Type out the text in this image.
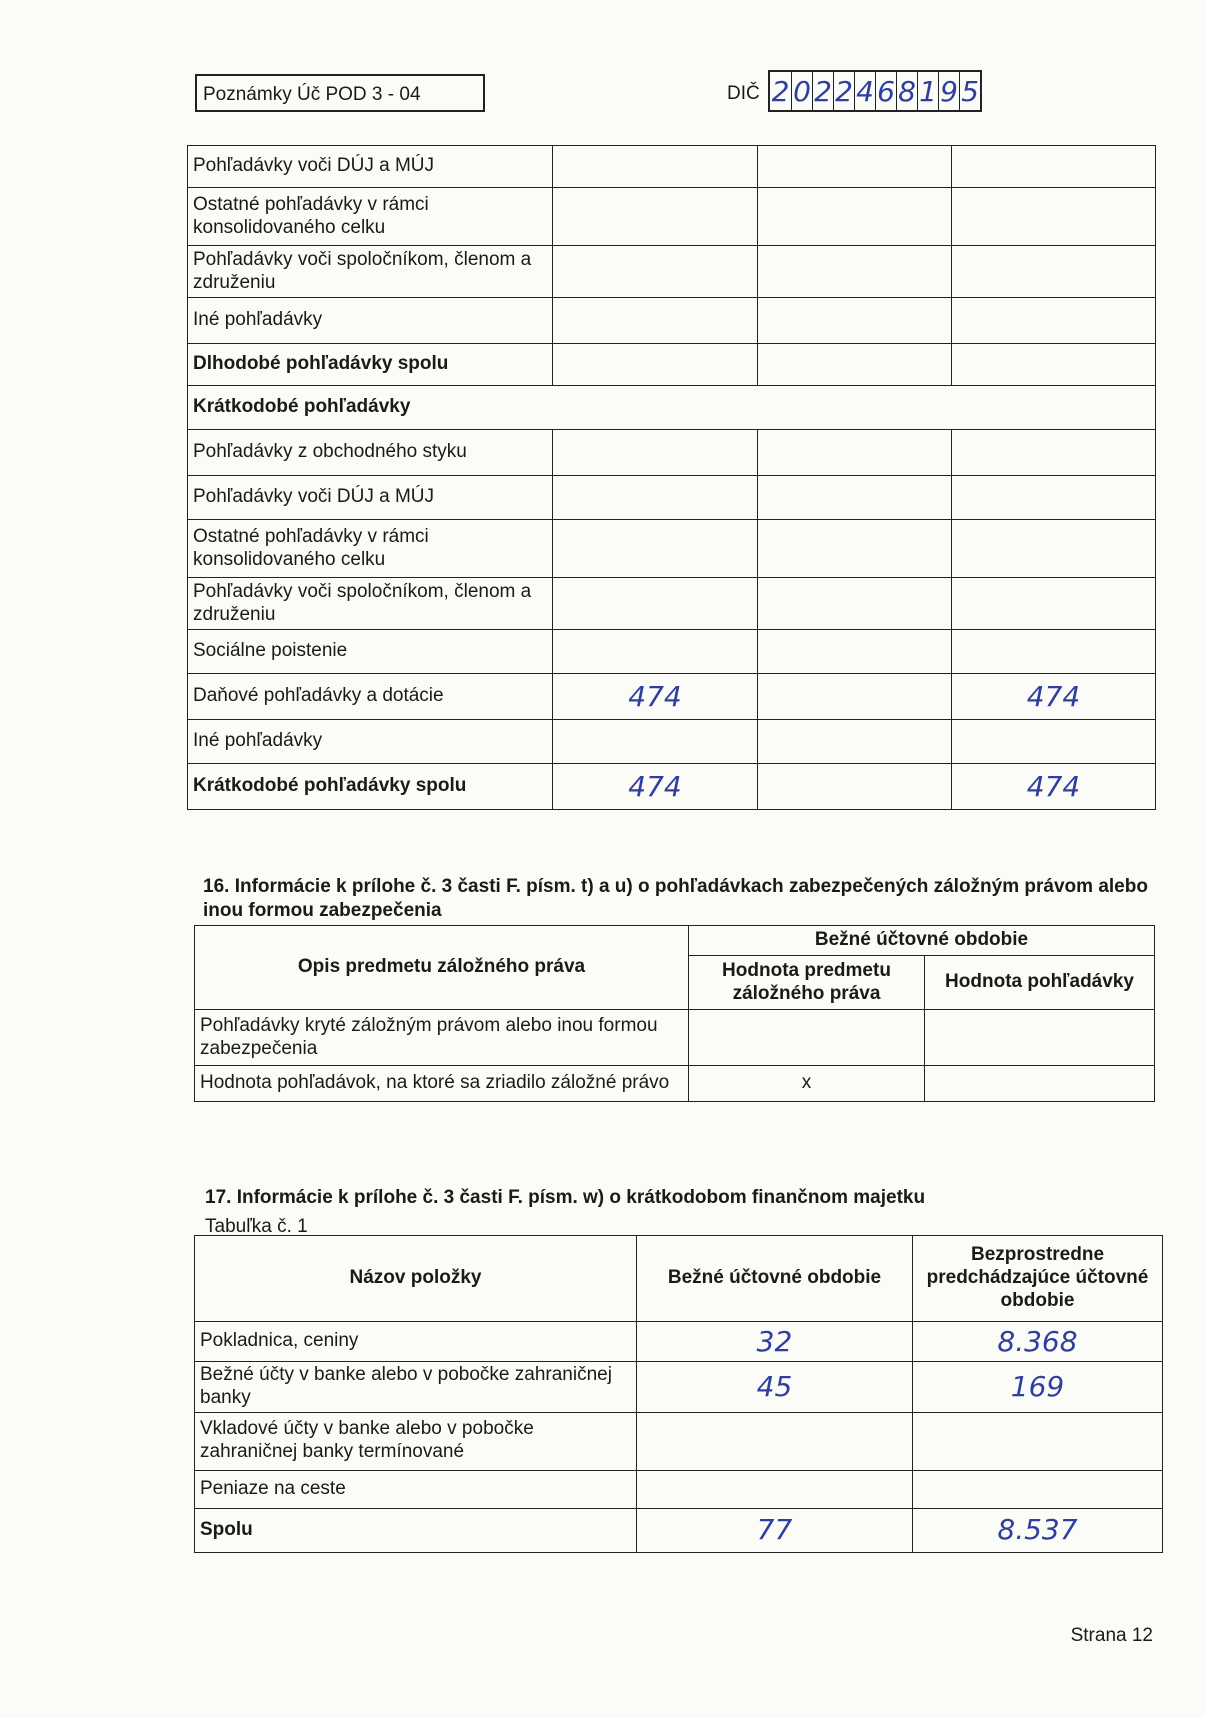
Poznámky Úč POD 3 - 04	DIČ 2 0 2 2 4 6 8 1 9 5
Pohľadávky voči DÚJ a MÚJ			
Ostatné pohľadávky v rámci konsolidovaného celku			
Pohľadávky voči spoločníkom, členom a združeniu			
Iné pohľadávky			
Dlhodobé pohľadávky spolu			
Krátkodobé pohľadávky			
Pohľadávky z obchodného styku			
Pohľadávky voči DÚJ a MÚJ			
Ostatné pohľadávky v rámci konsolidovaného celku			
Pohľadávky voči spoločníkom, členom a združeniu			
Sociálne poistenie			
Daňové pohľadávky a dotácie	474		474
Iné pohľadávky			
Krátkodobé pohľadávky spolu	474		474
16. Informácie k prílohe č. 3 časti F. písm. t) a u) o pohľadávkach zabezpečených záložným právom alebo inou formou zabezpečenia
Opis predmetu záložného práva	Bežné účtovné obdobie	
	Hodnota predmetu záložného práva	Hodnota pohľadávky
Pohľadávky kryté záložným právom alebo inou formou zabezpečenia		
Hodnota pohľadávok, na ktoré sa zriadilo záložné právo	x	
17. Informácie k prílohe č. 3 časti F. písm. w) o krátkodobom finančnom majetku
Tabuľka č. 1
Názov položky	Bežné účtovné obdobie	Bezprostredne predchádzajúce účtovné obdobie
Pokladnica, ceniny	32	8.368
Bežné účty v banke alebo v pobočke zahraničnej banky	45	169
Vkladové účty v banke alebo v pobočke zahraničnej banky termínované		
Peniaze na ceste		
Spolu	77	8.537
Strana 12
